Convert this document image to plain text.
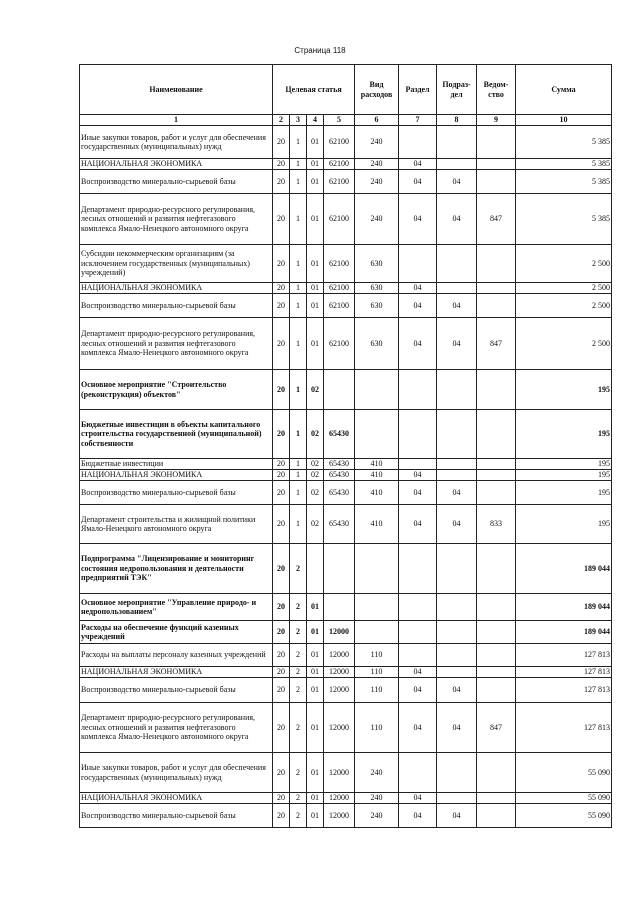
Страница 118
Наименование	Целевая статья				Вид расходов	Раздел	Подраз- дел	Ведом- ство	Сумма
1	2	3	4	5	6	7	8	9	10
Иные закупки товаров, работ и услуг для обеспечения государственных (муниципальных) нужд	20	1	01	62100	240				5 385
НАЦИОНАЛЬНАЯ ЭКОНОМИКА	20	1	01	62100	240	04			5 385
Воспроизводство минерально-сырьевой базы	20	1	01	62100	240	04	04		5 385
Департамент природно-ресурсного регулирования, лесных отношений и развития нефтегазового комплекса Ямало-Ненецкого автономного округа	20	1	01	62100	240	04	04	847	5 385
Субсидии некоммерческим организациям (за исключением государственных (муниципальных) учреждений)	20	1	01	62100	630				2 500
НАЦИОНАЛЬНАЯ ЭКОНОМИКА	20	1	01	62100	630	04			2 500
Воспроизводство минерально-сырьевой базы	20	1	01	62100	630	04	04		2 500
Департамент природно-ресурсного регулирования, лесных отношений и развития нефтегазового комплекса Ямало-Ненецкого автономного округа	20	1	01	62100	630	04	04	847	2 500
Основное мероприятие "Строительство (реконструкция) объектов"	20	1	02						195
Бюджетные инвестиции в объекты капитального строительства государственной (муниципальной) собственности	20	1	02	65430					195
Бюджетные инвестиции	20	1	02	65430	410				195
НАЦИОНАЛЬНАЯ ЭКОНОМИКА	20	1	02	65430	410	04			195
Воспроизводство минерально-сырьевой базы	20	1	02	65430	410	04	04		195
Департамент строительства и жилищной политики Ямало-Ненецкого автономного округа	20	1	02	65430	410	04	04	833	195
Подпрограмма "Лицензирование и мониторинг состояния недропользования и деятельности предприятий ТЭК"	20	2							189 044
Основное мероприятие "Управление природо- и недропользованием"	20	2	01						189 044
Расходы на обеспечение функций казенных учреждений	20	2	01	12000					189 044
Расходы на выплаты персоналу казенных учреждений	20	2	01	12000	110				127 813
НАЦИОНАЛЬНАЯ ЭКОНОМИКА	20	2	01	12000	110	04			127 813
Воспроизводство минерально-сырьевой базы	20	2	01	12000	110	04	04		127 813
Департамент природно-ресурсного регулирования, лесных отношений и развития нефтегазового комплекса Ямало-Ненецкого автономного округа	20	2	01	12000	110	04	04	847	127 813
Иные закупки товаров, работ и услуг для обеспечения государственных (муниципальных) нужд	20	2	01	12000	240				55 090
НАЦИОНАЛЬНАЯ ЭКОНОМИКА	20	2	01	12000	240	04			55 090
Воспроизводство минерально-сырьевой базы	20	2	01	12000	240	04	04		55 090
